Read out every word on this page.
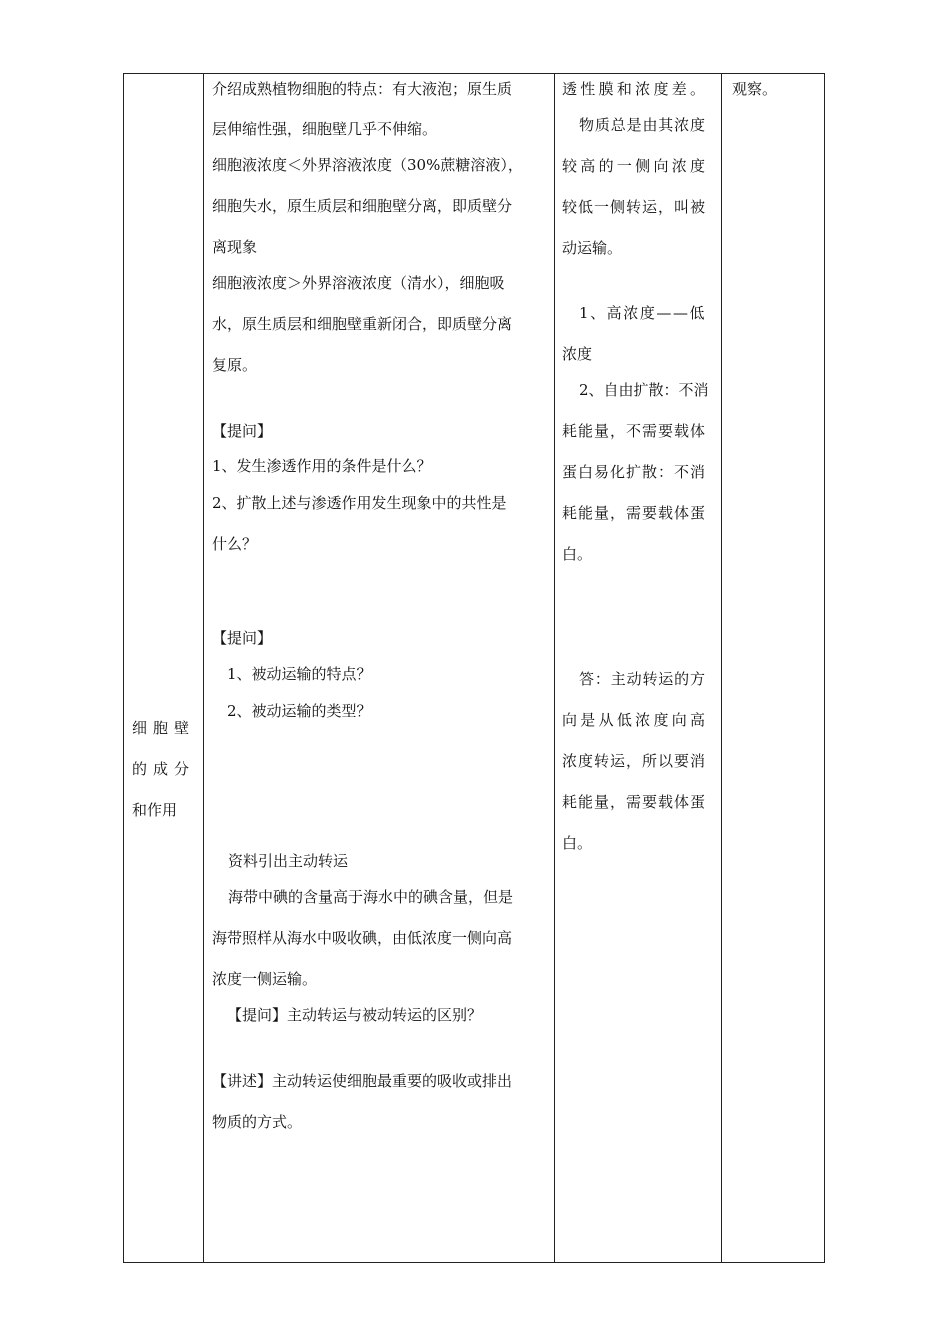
细胞壁
的成分
和作用
介绍成熟植物细胞的特点：有大液泡；原生质
层伸缩性强，细胞壁几乎不伸缩。
细胞液浓度＜外界溶液浓度（30%蔗糖溶液），
细胞失水，原生质层和细胞壁分离，即质壁分
离现象
细胞液浓度＞外界溶液浓度（清水），细胞吸
水，原生质层和细胞壁重新闭合，即质壁分离
复原。
【提问】
1、发生渗透作用的条件是什么？
2、扩散上述与渗透作用发生现象中的共性是
什么？
【提问】
1、被动运输的特点？
2、被动运输的类型？
资料引出主动转运
海带中碘的含量高于海水中的碘含量，但是
海带照样从海水中吸收碘，由低浓度一侧向高
浓度一侧运输。
【提问】主动转运与被动转运的区别？
【讲述】主动转运使细胞最重要的吸收或排出
物质的方式。
透性膜和浓度差。
物质总是由其浓度
较高的一侧向浓度
较低一侧转运，叫被
动运输。
1、高浓度——低
浓度
2、自由扩散：不消
耗能量，不需要载体
蛋白易化扩散：不消
耗能量，需要载体蛋
白。
答：主动转运的方
向是从低浓度向高
浓度转运，所以要消
耗能量，需要载体蛋
白。
观察。
